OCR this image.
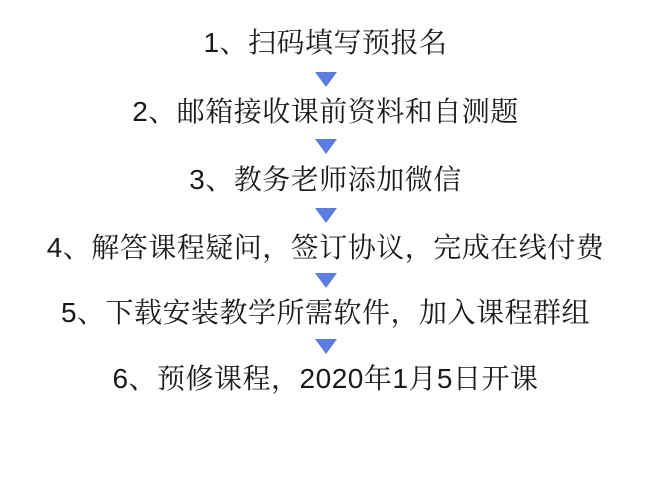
1、扫码填写预报名
2、邮箱接收课前资料和自测题
3、教务老师添加微信
4、解答课程疑问，签订协议，完成在线付费
5、下载安装教学所需软件，加入课程群组
6、预修课程，2020年1月5日开课
